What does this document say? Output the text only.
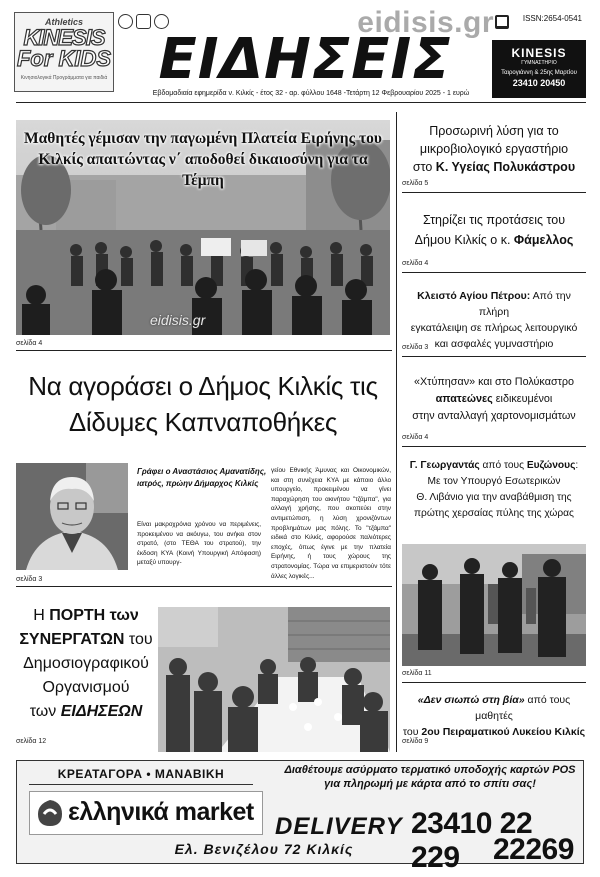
Athletics
KINESIS
For KIDS
Κινησιολογικά Προγράμματα για παιδιά
eidisis.gr	ISSN:2654-0541
ΕΙΔΗΣΕΙΣ
Εβδομαδιαία εφημερίδα ν. Κιλκίς - έτος 32 - αρ. φύλλου 1648 -Τετάρτη 12 Φεβρουαρίου 2025 - 1 ευρώ
KINESIS
ΓΥΜΝΑΣΤΗΡΙΟ
Ταιρογιάννη & 25ης Μαρτίου
23410 20450
Μαθητές γέμισαν την παγωμένη Πλατεία Ειρήνης του Κιλκίς απαιτώντας ν΄ αποδοθεί δικαιοσύνη για τα Τέμπη
eidisis.gr
σελίδα 4
Να αγοράσει ο Δήμος Κιλκίς τις Δίδυμες Καπναποθήκες
Γράφει ο Αναστάσιος Αμανατίδης, ιατρός, πρώην Δήμαρχος Κιλκίς
Είναι μακροχρόνια χρόνου να περιμένεις, προκειμένου να ακόυγω, του ανήκει στον στρατό, (στο ΤΕΘΑ του στρατού), την έκδοση ΚΥΑ (Κοινή Υπουργική Απόφαση) μεταξύ υπουργ-
γείου Εθνικής Άμυνας και Οικονομικών, και στη συνέχεια ΚΥΑ με κάποιο άλλο υπουργείο, προκειμένου να γίνει παραχώρηση του ακινήτου "τζάμπα", για αλλαγή χρήσης, που σκοπεύει στην αντιμετώπιση, η λύση χρονιζόντων προβλημάτων μας πόλης. Το "τζάμπα" ειδικά στο Κιλκίς, αφορούσε παλιότερες εποχές, όπως έγινε με την πλατεία Ειρήνης, ή τους χώρους της στρατονομίας. Τώρα να επιμεριστούν τότε άλλες λογικές...
σελίδα 3
Η ΠΟΡΤΗ των
ΣΥΝΕΡΓΑΤΩΝ του
Δημοσιογραφικού
Οργανισμού
των ΕΙΔΗΣΕΩΝ
σελίδα 12
Προσωρινή λύση για το
μικροβιολογικό εργαστήριο
στο Κ. Υγείας Πολυκάστρου
σελίδα 5
Στηρίζει τις προτάσεις του
Δήμου Κιλκίς ο κ. Φάμελλος
σελίδα 4
Κλειστό Αγίου Πέτρου: Από την πλήρη
εγκατάλειψη σε πλήρως λειτουργικό
και ασφαλές γυμναστήριο
σελίδα 3
«Χτύπησαν» και στο Πολύκαστρο
απατεώνες ειδικευμένοι
στην ανταλλαγή χαρτονομισμάτων
σελίδα 4
Γ. Γεωργαντάς από τους Ευζώνους:
Με τον Υπουργό Εσωτερικών
Θ. Λιβάνιο για την αναβάθμιση της
πρώτης χερσαίας πύλης της χώρας
σελίδα 11
«Δεν σιωπώ στη βία» από τους μαθητές
του 2ου Πειραματικού Λυκείου Κιλκίς
σελίδα 9
ΚΡΕΑΤΑΓΟΡΑ • ΜΑΝΑΒΙΚΗ
ελληνικά market
Διαθέτουμε ασύρματο τερματικό υποδοχής καρτών POS για πληρωμή με κάρτα από το σπίτι σας!
DELIVERY 23410 22 229	22269
Ελ. Βενιζέλου 72 Κιλκίς
